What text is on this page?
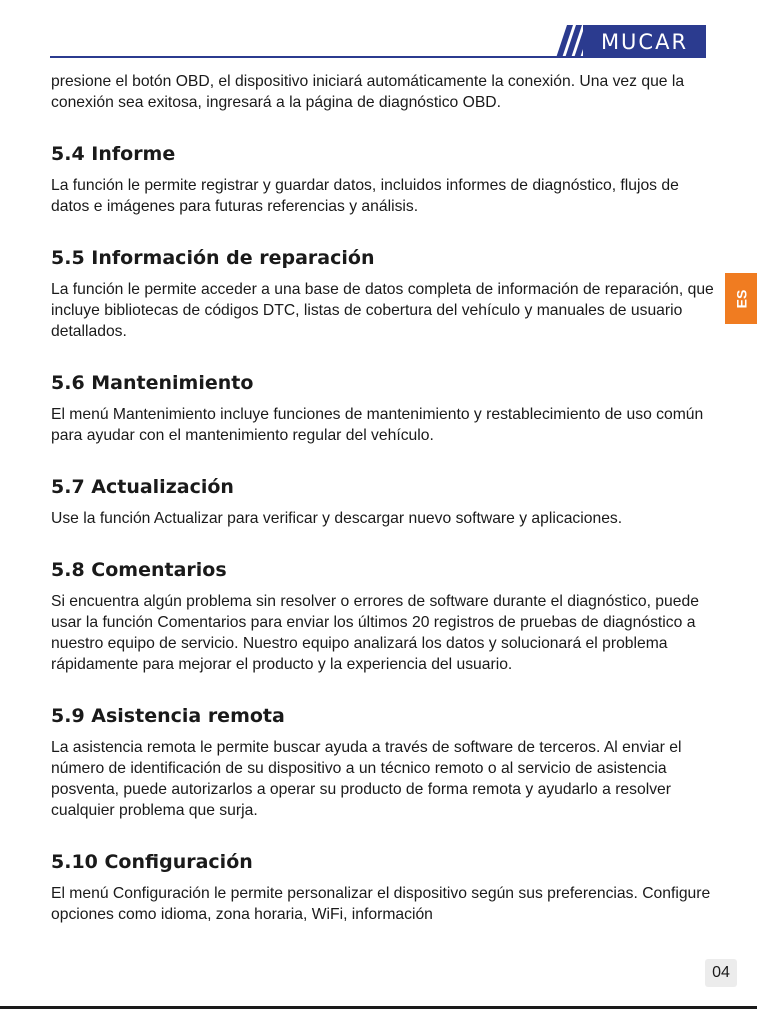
MUCAR
ES

presione el botón OBD, el dispositivo iniciará automáticamente la conexión. Una vez que la conexión sea exitosa, ingresará a la página de diagnóstico OBD.

5.4 Informe

La función le permite registrar y guardar datos, incluidos informes de diagnóstico, flujos de datos e imágenes para futuras referencias y análisis.

5.5 Información de reparación

La función le permite acceder a una base de datos completa de información de reparación, que incluye bibliotecas de códigos DTC, listas de cobertura del vehículo y manuales de usuario detallados.

5.6 Mantenimiento

El menú Mantenimiento incluye funciones de mantenimiento y restablecimiento de uso común para ayudar con el mantenimiento regular del vehículo.

5.7 Actualización

Use la función Actualizar para verificar y descargar nuevo software y aplicaciones.

5.8 Comentarios

Si encuentra algún problema sin resolver o errores de software durante el diagnóstico, puede usar la función Comentarios para enviar los últimos 20 registros de pruebas de diagnóstico a nuestro equipo de servicio. Nuestro equipo analizará los datos y solucionará el problema rápidamente para mejorar el producto y la experiencia del usuario.

5.9 Asistencia remota

La asistencia remota le permite buscar ayuda a través de software de terceros. Al enviar el número de identificación de su dispositivo a un técnico remoto o al servicio de asistencia posventa, puede autorizarlos a operar su producto de forma remota y ayudarlo a resolver cualquier problema que surja.

5.10 Configuración

El menú Configuración le permite personalizar el dispositivo según sus preferencias. Configure opciones como idioma, zona horaria, WiFi, información

04
